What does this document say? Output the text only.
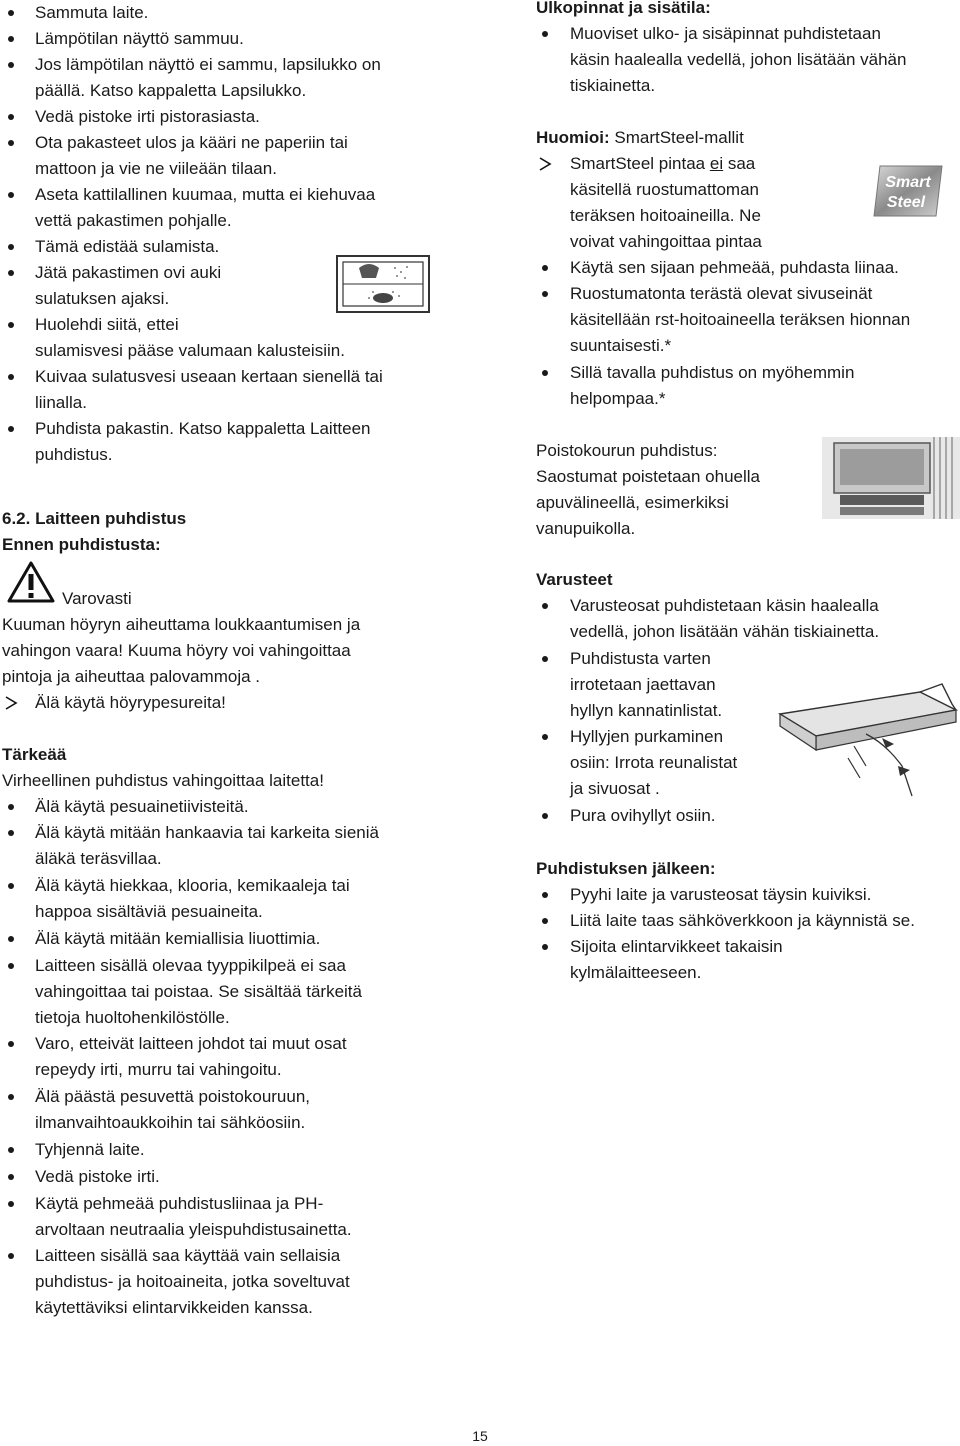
Sammuta laite.
Lämpötilan näyttö sammuu.
Jos lämpötilan näyttö ei sammu, lapsilukko on
päällä. Katso kappaletta Lapsilukko.
Vedä pistoke irti pistorasiasta.
Ota pakasteet ulos ja kääri ne paperiin tai
mattoon ja vie ne viileään tilaan.
Aseta kattilallinen kuumaa, mutta ei kiehuvaa
vettä pakastimen pohjalle.
Tämä edistää sulamista.
Jätä pakastimen ovi auki
sulatuksen ajaksi.
Huolehdi siitä, ettei
sulamisvesi pääse valumaan kalusteisiin.
Kuivaa sulatusvesi useaan kertaan sienellä tai
liinalla.
Puhdista pakastin. Katso kappaletta Laitteen
puhdistus.
6.2. Laitteen puhdistus
Ennen puhdistusta:
Varovasti
Kuuman höyryn aiheuttama loukkaantumisen ja
vahingon vaara! Kuuma höyry voi vahingoittaa
pintoja ja aiheuttaa palovammoja .
Älä käytä höyrypesureita!
Tärkeää
Virheellinen puhdistus vahingoittaa laitetta!
Älä käytä pesuainetiivisteitä.
Älä käytä mitään hankaavia tai karkeita sieniä
äläkä teräsvillaa.
Älä käytä hiekkaa, klooria, kemikaaleja tai
happoa sisältäviä pesuaineita.
Älä käytä mitään kemiallisia liuottimia.
Laitteen sisällä olevaa tyyppikilpeä ei saa
vahingoittaa tai poistaa. Se sisältää tärkeitä
tietoja huoltohenkilöstölle.
Varo, etteivät laitteen johdot tai muut osat
repeydy irti, murru tai vahingoitu.
Älä päästä pesuvettä poistokouruun,
ilmanvaihtoaukkoihin tai sähköosiin.
Tyhjennä laite.
Vedä pistoke irti.
Käytä pehmeää puhdistusliinaa ja PH-
arvoltaan neutraalia yleispuhdistusainetta.
Laitteen sisällä saa käyttää vain sellaisia
puhdistus- ja hoitoaineita, jotka soveltuvat
käytettäviksi elintarvikkeiden kanssa.
Ulkopinnat ja sisätila:
Muoviset ulko- ja sisäpinnat puhdistetaan
käsin haalealla vedellä, johon lisätään vähän
tiskiainetta.
Huomioi: SmartSteel-mallit
SmartSteel pintaa ei saa
käsitellä ruostumattoman
teräksen hoitoaineilla. Ne
voivat vahingoittaa pintaa
Smart
Steel
Käytä sen sijaan pehmeää, puhdasta liinaa.
Ruostumatonta terästä olevat sivuseinät
käsitellään rst-hoitoaineella teräksen hionnan
suuntaisesti.*
Sillä tavalla puhdistus on myöhemmin
helpompaa.*
Poistokourun puhdistus:
Saostumat poistetaan ohuella
apuvälineellä, esimerkiksi
vanupuikolla.
Varusteet
Varusteosat puhdistetaan käsin haalealla
vedellä, johon lisätään vähän tiskiainetta.
Puhdistusta varten
irrotetaan jaettavan
hyllyn kannatinlistat.
Hyllyjen purkaminen
osiin: Irrota reunalistat
ja sivuosat .
Pura ovihyllyt osiin.
Puhdistuksen jälkeen:
Pyyhi laite ja varusteosat täysin kuiviksi.
Liitä laite taas sähköverkkoon ja käynnistä se.
Sijoita elintarvikkeet takaisin
kylmälaitteeseen.
15
